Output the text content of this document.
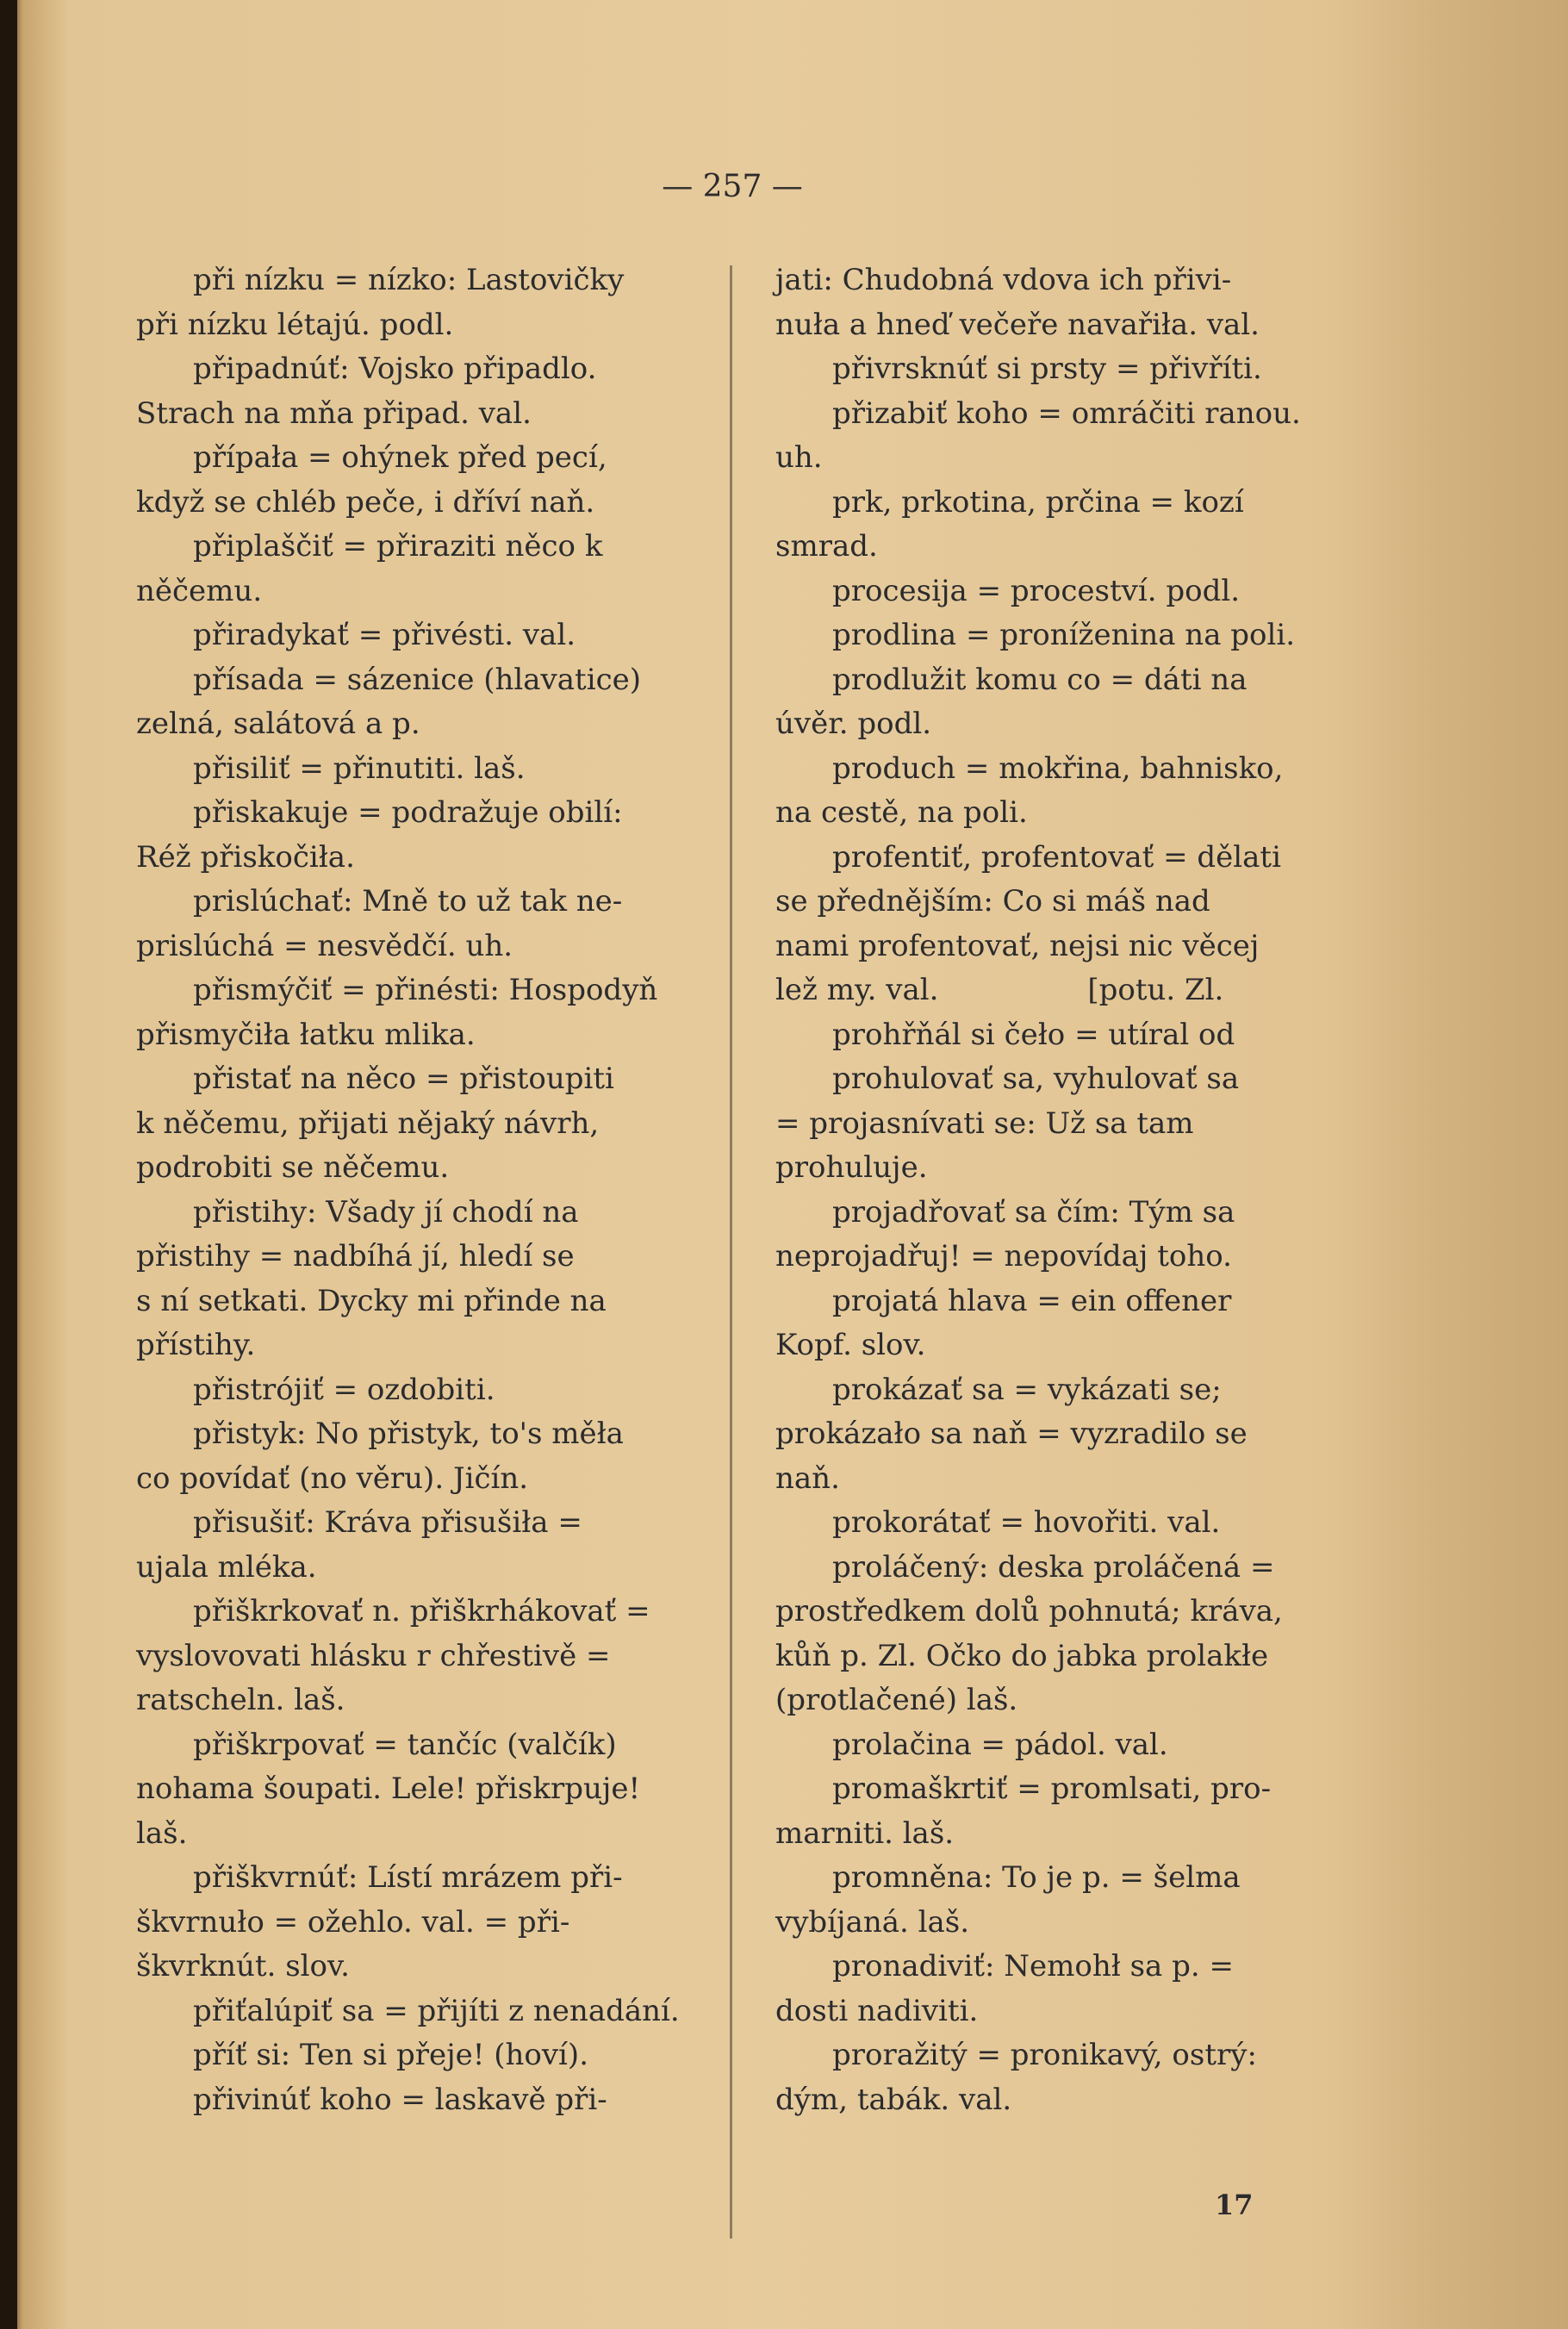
— 257 —
při nízku = nízko: Lastovičky
při nízku létajú. podl.
připadnúť: Vojsko připadlo.
Strach na mňa připad. val.
přípała = ohýnek před pecí,
když se chléb peče, i dříví naň.
připlaščiť = přiraziti něco k
něčemu.
přiradykať = přivésti. val.
přísada = sázenice (hlavatice)
zelná, salátová a p.
přisiliť = přinutiti. laš.
přiskakuje = podražuje obilí:
Réž přiskočiła.
prislúchať: Mně to už tak ne-
prislúchá = nesvědčí. uh.
přismýčiť = přinésti: Hospodyň
přismyčiła łatku mlika.
přistať na něco = přistoupiti
k něčemu, přijati nějaký návrh,
podrobiti se něčemu.
přistihy: Všady jí chodí na
přistihy = nadbíhá jí, hledí se
s ní setkati. Dycky mi přinde na
přístihy.
přistrójiť = ozdobiti.
přistyk: No přistyk, to's měła
co povídať (no věru). Jičín.
přisušiť: Kráva přisušiła =
ujala mléka.
přiškrkovať n. přiškrhákovať =
vyslovovati hlásku r chřestivě =
ratscheln. laš.
přiškrpovať = tančíc (valčík)
nohama šoupati. Lele! přiskrpuje!
laš.
přiškvrnúť: Lístí mrázem při-
škvrnuło = ožehlo. val. = při-
škvrknút. slov.
přiťalúpiť sa = přijíti z nenadání.
příť si: Ten si přeje! (hoví).
přivinúť koho = laskavě při-
jati: Chudobná vdova ich přivi-
nuła a hneď večeře navařiła. val.
přivrsknúť si prsty = přivříti.
přizabiť koho = omráčiti ranou.
uh.
prk, prkotina, prčina = kozí
smrad.
procesija = proceství. podl.
prodlina = proníženina na poli.
prodlužit komu co = dáti na
úvěr. podl.
produch = mokřina, bahnisko,
na cestě, na poli.
profentiť, profentovať = dělati
se přednějším: Co si máš nad
nami profentovať, nejsi nic věcej
lež my. val.                [potu. Zl.
prohřňál si čeło = utíral od
prohulovať sa, vyhulovať sa
= projasnívati se: Už sa tam
prohuluje.
projadřovať sa čím: Tým sa
neprojadřuj! = nepovídaj toho.
projatá hlava = ein offener
Kopf. slov.
prokázať sa = vykázati se;
prokázało sa naň = vyzradilo se
naň.
prokorátať = hovořiti. val.
proláčený: deska proláčená =
prostředkem dolů pohnutá; kráva,
kůň p. Zl. Očko do jabka prolakłe
(protlačené) laš.
prolačina = pádol. val.
promaškrtiť = promlsati, pro-
marniti. laš.
promněna: To je p. = šelma
vybíjaná. laš.
pronadiviť: Nemohł sa p. =
dosti nadiviti.
proražitý = pronikavý, ostrý:
dým, tabák. val.
17
